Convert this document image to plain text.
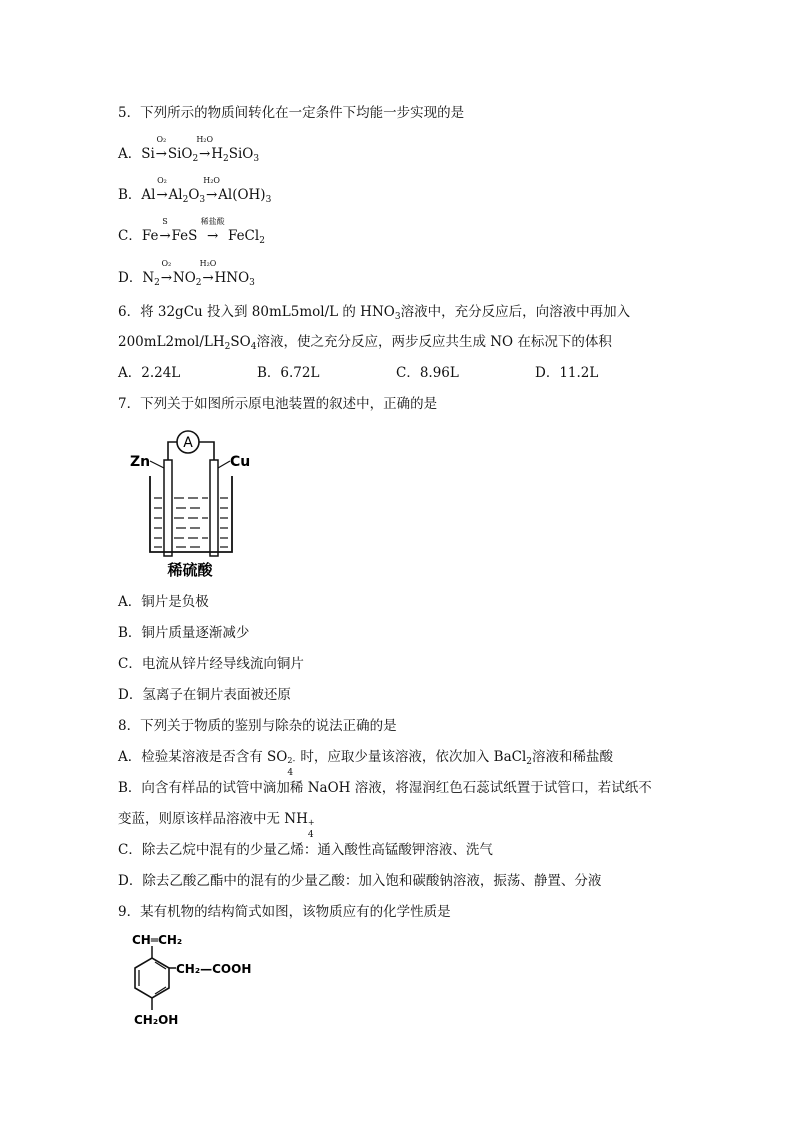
5．下列所示的物质间转化在一定条件下均能一步实现的是
A．Si
O₂
→SiO$_2$
H₂O
$\to H_2SiO_3$
B．Al
O₂
$\to Al_2O_3$
H₂O
$\to Al(OH)_3$
C．Fe
S
→FeS
稀盐酸
→ FeCl$_2$
D．$N_2$
O₂
$\to NO_2$
H₂O
$\to HNO_3$
6．将 32gCu 投入到 80mL5mol/L 的 $HNO_3$溶液中，充分反应后，向溶液中再加入
$200mL2mol/LH_2SO_4$溶液，使之充分反应，两步反应共生成 NO 在标况下的体积
A．2.24L	B．6.72L	C．8.96L	D．11.2L
7．下列关于如图所示原电池装置的叙述中，正确的是
A
Zn	Cu
稀硫酸
A．铜片是负极
B．铜片质量逐渐减少
C．电流从锌片经导线流向铜片
D．氢离子在铜片表面被还原
8．下列关于物质的鉴别与除杂的说法正确的是
A．检验某溶液是否含有 SO 2-
4
时，应取少量该溶液，依次加入 BaCl$_2$溶液和稀盐酸
B．向含有样品的试管中滴加稀 NaOH 溶液，将湿润红色石蕊试纸置于试管口，若试纸不
变蓝，则原该样品溶液中无 NH +
4
C．除去乙烷中混有的少量乙烯：通入酸性高锰酸钾溶液、洗气
D．除去乙酸乙酯中的混有的少量乙酸：加入饱和碳酸钠溶液，振荡、静置、分液
9．某有机物的结构简式如图，该物质应有的化学性质是
CH═CH₂
CH₂—COOH
CH₂OH
